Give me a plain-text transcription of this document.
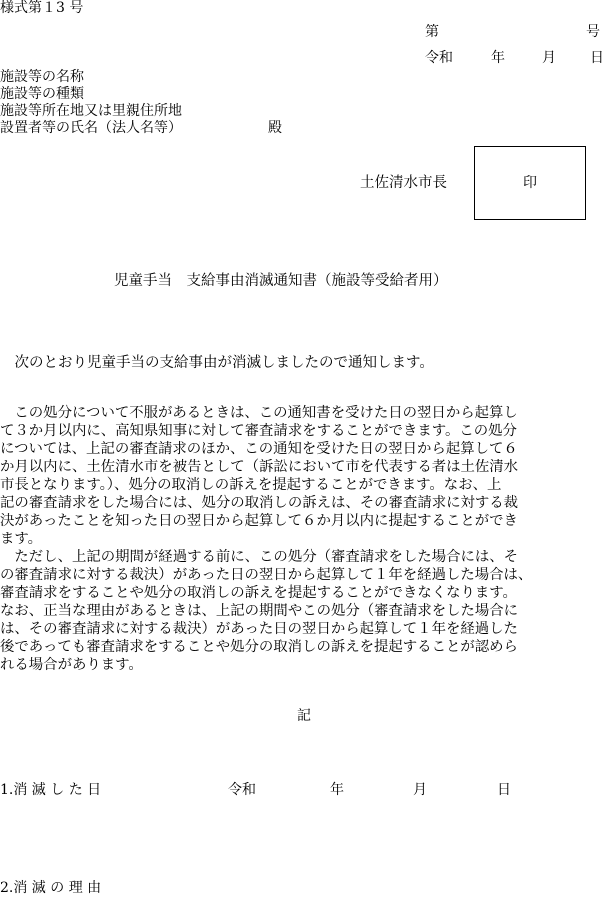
様式第１3 号
第	号
令和	年	月 日
施設等の名称
施設等の種類
施設等所在地又は里親住所地
設置者等の氏名（法人名等）	殿
土佐清水市長	印
児童手当　支給事由消滅通知書（施設等受給者用）
　次のとおり児童手当の支給事由が消滅しましたので通知します。
　この処分について不服があるときは、この通知書を受けた日の翌日から起算し
て３か月以内に、高知県知事に対して審査請求をすることができます。この処分
については、上記の審査請求のほか、この通知を受けた日の翌日から起算して６
か月以内に、土佐清水市を被告として（訴訟において市を代表する者は土佐清水
市長となります。）、処分の取消しの訴えを提起することができます。なお、上
記の審査請求をした場合には、処分の取消しの訴えは、その審査請求に対する裁
決があったことを知った日の翌日から起算して６か月以内に提起することができ
ます。
　ただし、上記の期間が経過する前に、この処分（審査請求をした場合には、そ
の審査請求に対する裁決）があった日の翌日から起算して１年を経過した場合は、
審査請求をすることや処分の取消しの訴えを提起することができなくなります。
なお、正当な理由があるときは、上記の期間やこの処分（審査請求をした場合に
は、その審査請求に対する裁決）があった日の翌日から起算して１年を経過した
後であっても審査請求をすることや処分の取消しの訴えを提起することが認めら
れる場合があります。
記
1.消 滅 し た 日	令和	年	月	日
2.消 滅 の 理 由
